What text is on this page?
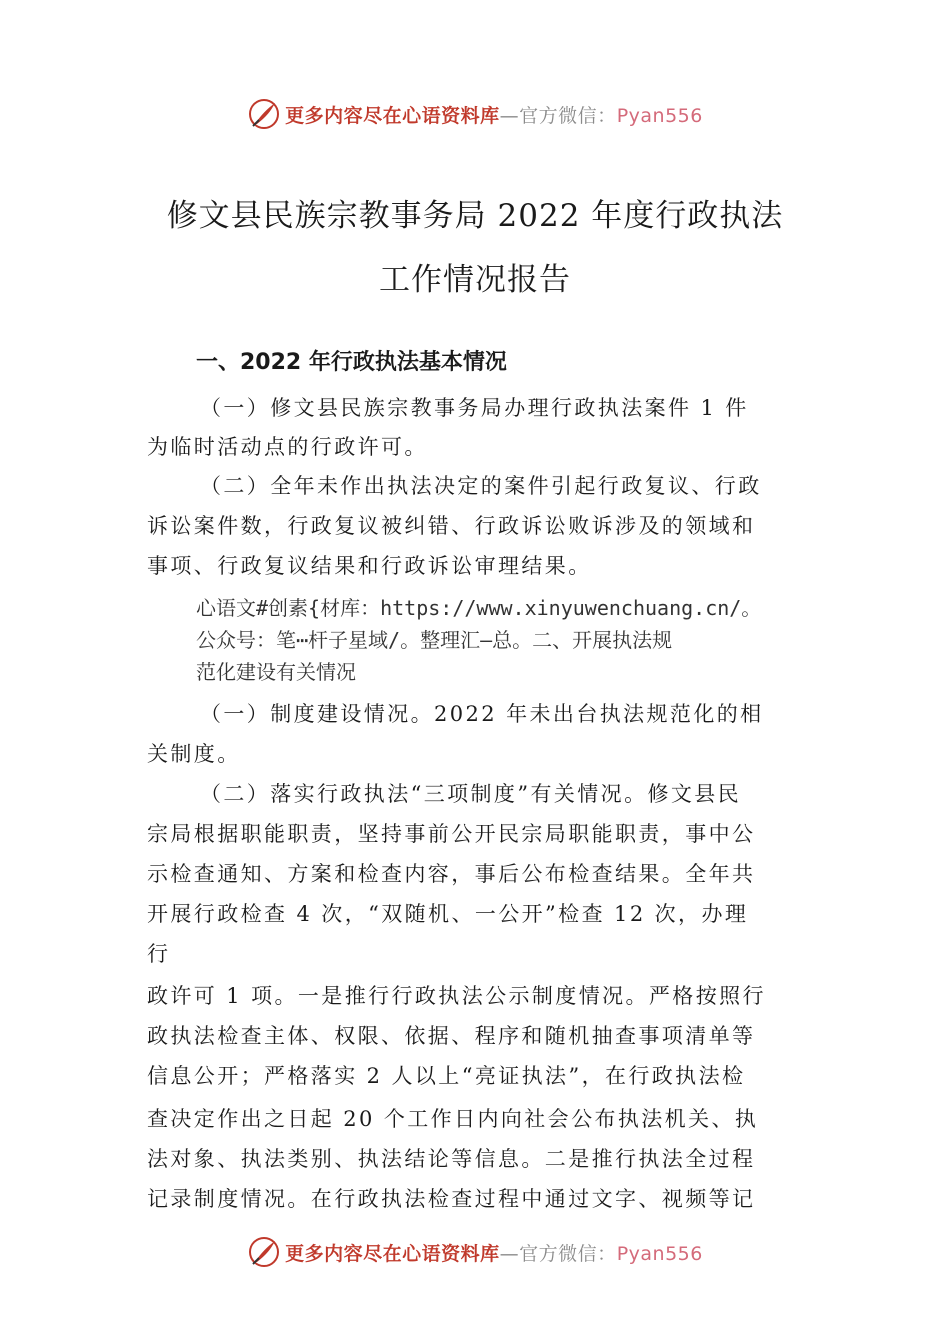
更多内容尽在心语资料库—官方微信：Pyan556
修文县民族宗教事务局 2022 年度行政执法
工作情况报告
一、2022 年行政执法基本情况
（一）修文县民族宗教事务局办理行政执法案件 1 件
为临时活动点的行政许可。
（二）全年未作出执法决定的案件引起行政复议、行政
诉讼案件数，行政复议被纠错、行政诉讼败诉涉及的领域和
事项、行政复议结果和行政诉讼审理结果。
心语文#创素{材库：https://www.xinyuwenchuang.cn/。
公众号：笔⋯杆子星域/。整理汇—总。二、开展执法规
范化建设有关情况
（一）制度建设情况。2022 年未出台执法规范化的相
关制度。
（二）落实行政执法“三项制度”有关情况。修文县民
宗局根据职能职责，坚持事前公开民宗局职能职责，事中公
示检查通知、方案和检查内容，事后公布检查结果。全年共
开展行政检查 4 次，“双随机、一公开”检查 12 次，办理
行
政许可 1 项。一是推行行政执法公示制度情况。严格按照行
政执法检查主体、权限、依据、程序和随机抽查事项清单等
信息公开；严格落实 2 人以上“亮证执法”，在行政执法检
查决定作出之日起 20 个工作日内向社会公布执法机关、执
法对象、执法类别、执法结论等信息。二是推行执法全过程
记录制度情况。在行政执法检查过程中通过文字、视频等记
更多内容尽在心语资料库—官方微信：Pyan556
